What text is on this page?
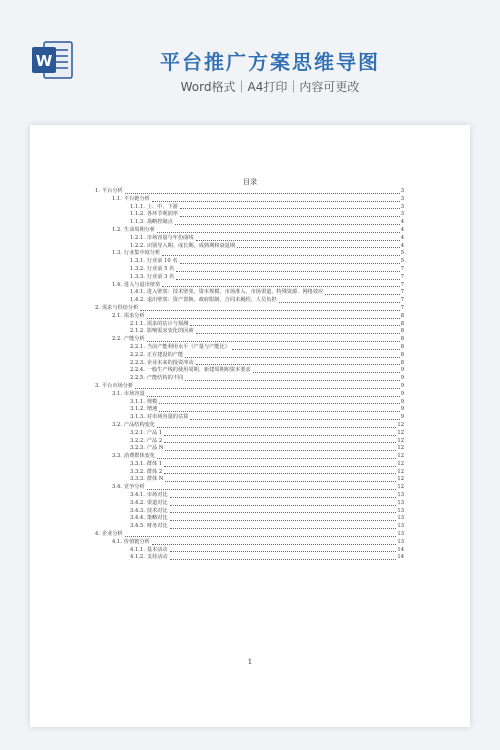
W	平台推广方案思维导图
Word格式｜A4打印｜内容可更改
目录
1. 平台分析	3
1.1. 平台链分析	3
1.1.1. 上、中、下游	3
1.1.2. 各环节利润率	3
1.1.3. 战略控制点	4
1.2. 生命周期分析	4
1.2.1. 市场容量与年份曲线	4
1.2.2. 识别导入期、成长期、成熟期和衰退期	4
1.3. 行业集中度分析	5
1.3.1. 行业前 10 名	5
1.3.2. 行业前 5 名	7
1.3.3. 行业前 3 名	7
1.4. 进入与退出壁垒	7
1.4.1. 进入壁垒：技术壁垒、资本规模、市场准入、市场渠道、特殊资源、网络效应	7
1.4.2. 退出壁垒：资产置换、政府限制、合同未履约、人员负担	7
2. 需求与供给分析	7
2.1. 需求分析	8
2.1.1. 需求的估计与预测	8
2.1.2. 影响需求变化的因素	8
2.2. 产能分析	8
2.2.1. 当前产能利用水平（产量与产能比）	8
2.2.2. 正在建设的产能	8
2.2.3. 企业未来的投资冲动	8
2.2.4. 一般生产线的使用周期、新建周期和资本要求	9
2.2.5. 产能结构的不同	9
3. 平台市场分析	9
3.1. 市场容量	9
3.1.1. 规模	9
3.1.2. 增速	9
3.1.3. 对市场容量的估算	9
3.2. 产品结构变化	12
3.2.1. 产品 1	12
3.2.2. 产品 2	12
3.2.3. 产品 N	12
3.3. 消费群体变化	12
3.3.1. 群体 1	12
3.3.2. 群体 2	12
3.3.3. 群体 N	12
3.4. 竞争分析	12
3.4.1. 市场对比	13
3.4.2. 渠道对比	13
3.4.3. 技术对比	13
3.4.4. 策略对比	13
3.4.5. 财务对比	13
4. 企业分析	13
4.1. 价值链分析	13
4.1.1. 基本活动	14
4.1.2. 支持活动	14
1
